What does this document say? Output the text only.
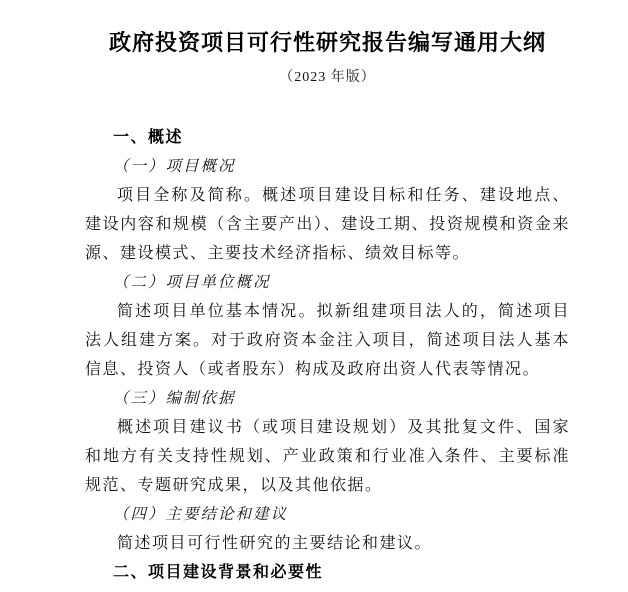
政府投资项目可行性研究报告编写通用大纲
（2023 年版）
一、概述
（一）项目概况

项目全称及简称。概述项目建设目标和任务、建设地点、建设内容和规模（含主要产出）、建设工期、投资规模和资金来源、建设模式、主要技术经济指标、绩效目标等。

（二）项目单位概况

简述项目单位基本情况。拟新组建项目法人的，简述项目法人组建方案。对于政府资本金注入项目，简述项目法人基本信息、投资人（或者股东）构成及政府出资人代表等情况。

（三）编制依据

概述项目建议书（或项目建设规划）及其批复文件、国家和地方有关支持性规划、产业政策和行业准入条件、主要标准规范、专题研究成果，以及其他依据。

（四）主要结论和建议

简述项目可行性研究的主要结论和建议。

二、项目建设背景和必要性
